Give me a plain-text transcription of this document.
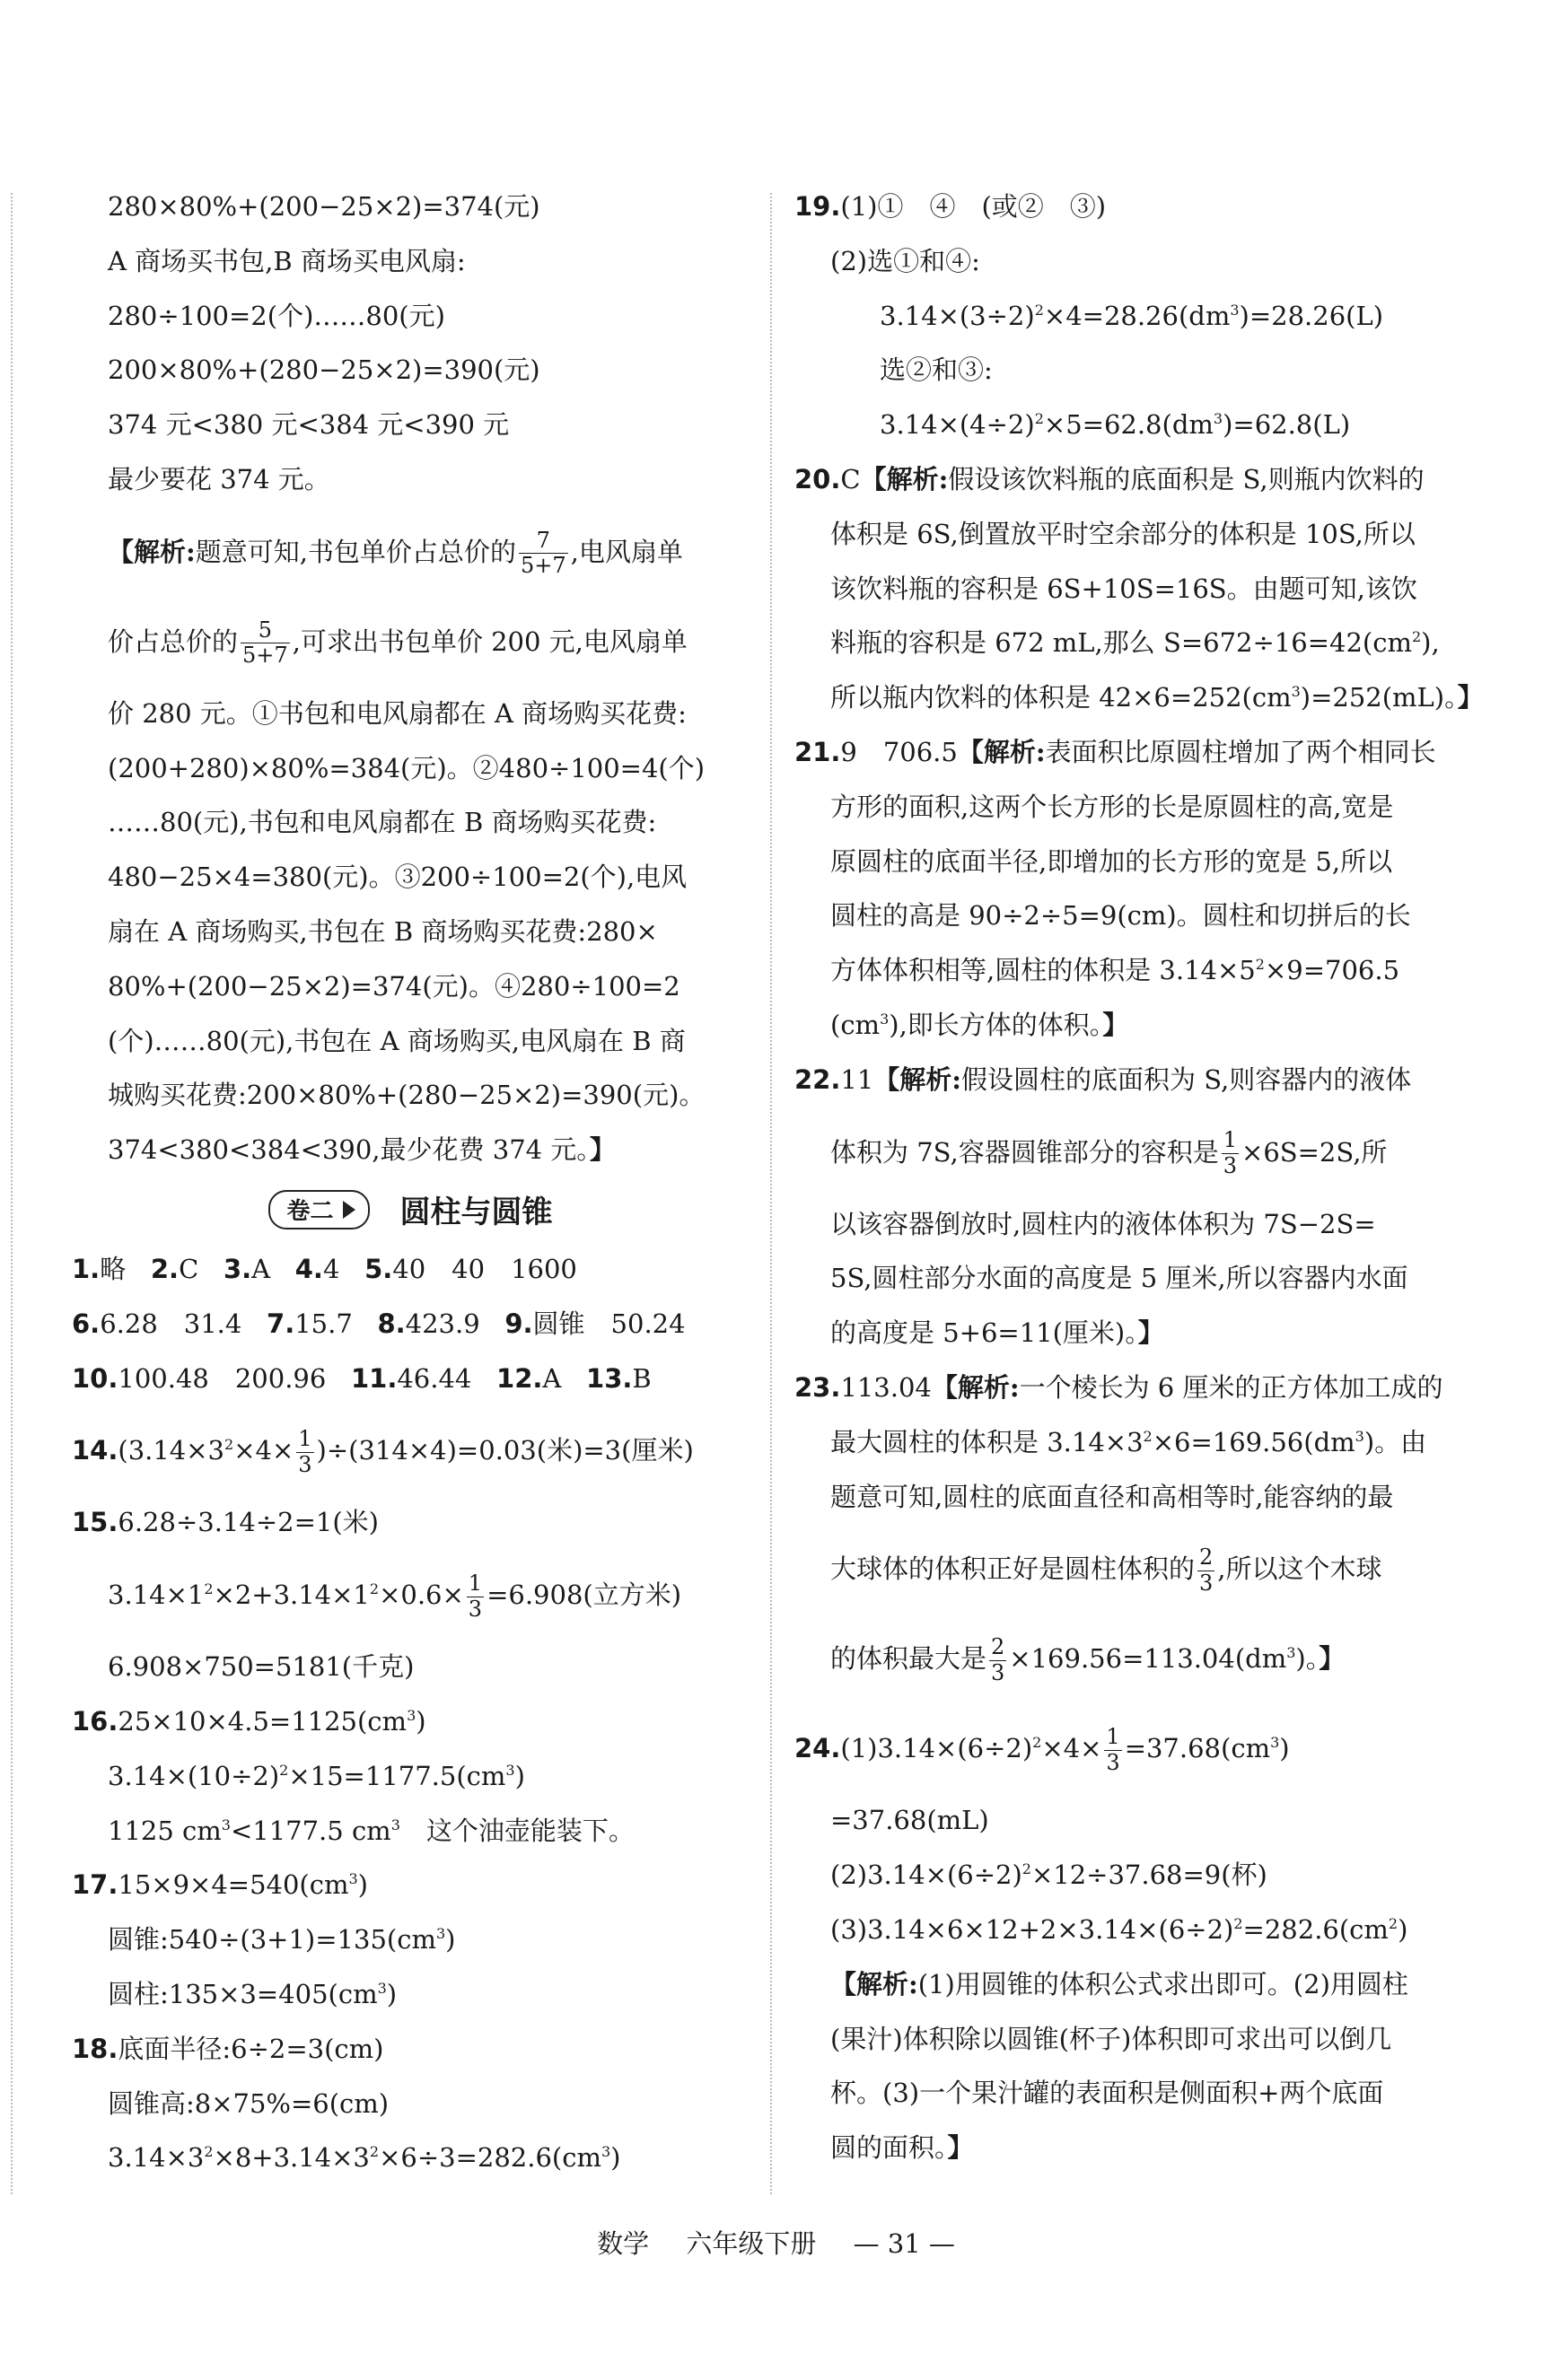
280×80%+(200−25×2)=374(元)
A 商场买书包,B 商场买电风扇:
280÷100=2(个)……80(元)
200×80%+(280−25×2)=390(元)
374 元<380 元<384 元<390 元
最少要花 374 元。
【解析:题意可知,书包单价占总价的 $\frac{7}{5+7}$ ,电风扇单
价占总价的 $\frac{5}{5+7}$ ,可求出书包单价 200 元,电风扇单
价 280 元。①书包和电风扇都在 A 商场购买花费:
(200+280)×80%=384(元)。②480÷100=4(个)
……80(元),书包和电风扇都在 B 商场购买花费:
480−25×4=380(元)。③200÷100=2(个),电风
扇在 A 商场购买,书包在 B 商场购买花费:280×
80%+(200−25×2)=374(元)。④280÷100=2
(个)……80(元),书包在 A 商场购买,电风扇在 B 商
城购买花费:200×80%+(280−25×2)=390(元)。
374<380<384<390,最少花费 374 元。】
卷二 圆柱与圆锥
1.略 2.C 3.A 4.4 5.40　40　1600
6.6.28　31.4 7.15.7 8.423.9 9.圆锥　50.24
10.100.48　200.96 11.46.44 12.A 13.B
$14.(3.14\times 3^2\times 4\times \frac{1}{3} )\div(314\times 4)=0.03$(米)=3(厘米)
15.6.28÷3.14÷2=1(米)
$3.14\times 1^2\times 2+3.14\times 1^2\times 0.6\times \frac{1}{3} =6.908$(立方米)
6.908×750=5181(千克)
$16.25\times 10\times 4.5=1125(cm^3)$
$3.14\times(10\div 2)^2\times 15=1177.5(cm^3)$
1125 $cm^3<1177.5$ $cm^3$　这个油壶能装下。
$17.15\times 9\times 4=540(cm^3)$
圆锥$:540\div(3+1)=135(cm^3)$
圆柱$:135\times 3=405(cm^3)$
18.底面半径:6÷2=3(cm)
圆锥高:8×75%=6(cm)
$3.14\times 3^2\times 8+3.14\times 3^2\times 6\div 3=282.6(cm^3)$
19.(1)①　④　(或②　③)
(2)选①和④:
$3.14\times(3\div 2)^2\times 4=28.26(dm^3)=28.26(L)$
选②和③:
$3.14\times(4\div 2)^2\times 5=62.8(dm^3)=62.8(L)$
20.C【解析:假设该饮料瓶的底面积是 S,则瓶内饮料的
体积是 6S,倒置放平时空余部分的体积是 10S,所以
该饮料瓶的容积是 6S+10S=16S。由题可知,该饮
料瓶的容积是 672 mL,那么 $S=672\div 16=42(cm^2)$,
所以瓶内饮料的体积是 $42\times 6=252(cm^3)=252(mL)$。】
21.9　706.5【解析:表面积比原圆柱增加了两个相同长
方形的面积,这两个长方形的长是原圆柱的高,宽是
原圆柱的底面半径,即增加的长方形的宽是 5,所以
圆柱的高是 90÷2÷5=9(cm)。圆柱和切拼后的长
方体体积相等,圆柱的体积是 $3.14\times 5^2\times 9=706.5$
$(cm^3)$,即长方体的体积。】
22.11【解析:假设圆柱的底面积为 S,则容器内的液体
体积为 7S,容器圆锥部分的容积是 $\frac{1}{3} \times 6S=2S$,所
以该容器倒放时,圆柱内的液体体积为 7S−2S=
5S,圆柱部分水面的高度是 5 厘米,所以容器内水面
的高度是 5+6=11(厘米)。】
23.113.04【解析:一个棱长为 6 厘米的正方体加工成的
最大圆柱的体积是 $3.14\times 3^2\times 6=169.56(dm^3)$。由
题意可知,圆柱的底面直径和高相等时,能容纳的最
大球体的体积正好是圆柱体积的 $\frac{2}{3}$ ,所以这个木球
的体积最大是 $\frac{2}{3} \times 169.56=113.04(dm^3)$。】
$24.(1)3.14\times(6\div 2)^2\times 4\times \frac{1}{3} =37.68(cm^3)$
=37.68(mL)
$(2)3.14\times(6\div 2)^2\times 12\div 37.68=9$(杯)
$(3)3.14\times 6\times 12+2\times 3.14\times(6\div 2)^2=282.6(cm^2)$
【解析:(1)用圆锥的体积公式求出即可。(2)用圆柱
(果汁)体积除以圆锥(杯子)体积即可求出可以倒几
杯。(3)一个果汁罐的表面积是侧面积+两个底面
圆的面积。】
数学 六年级下册 — 31 —
